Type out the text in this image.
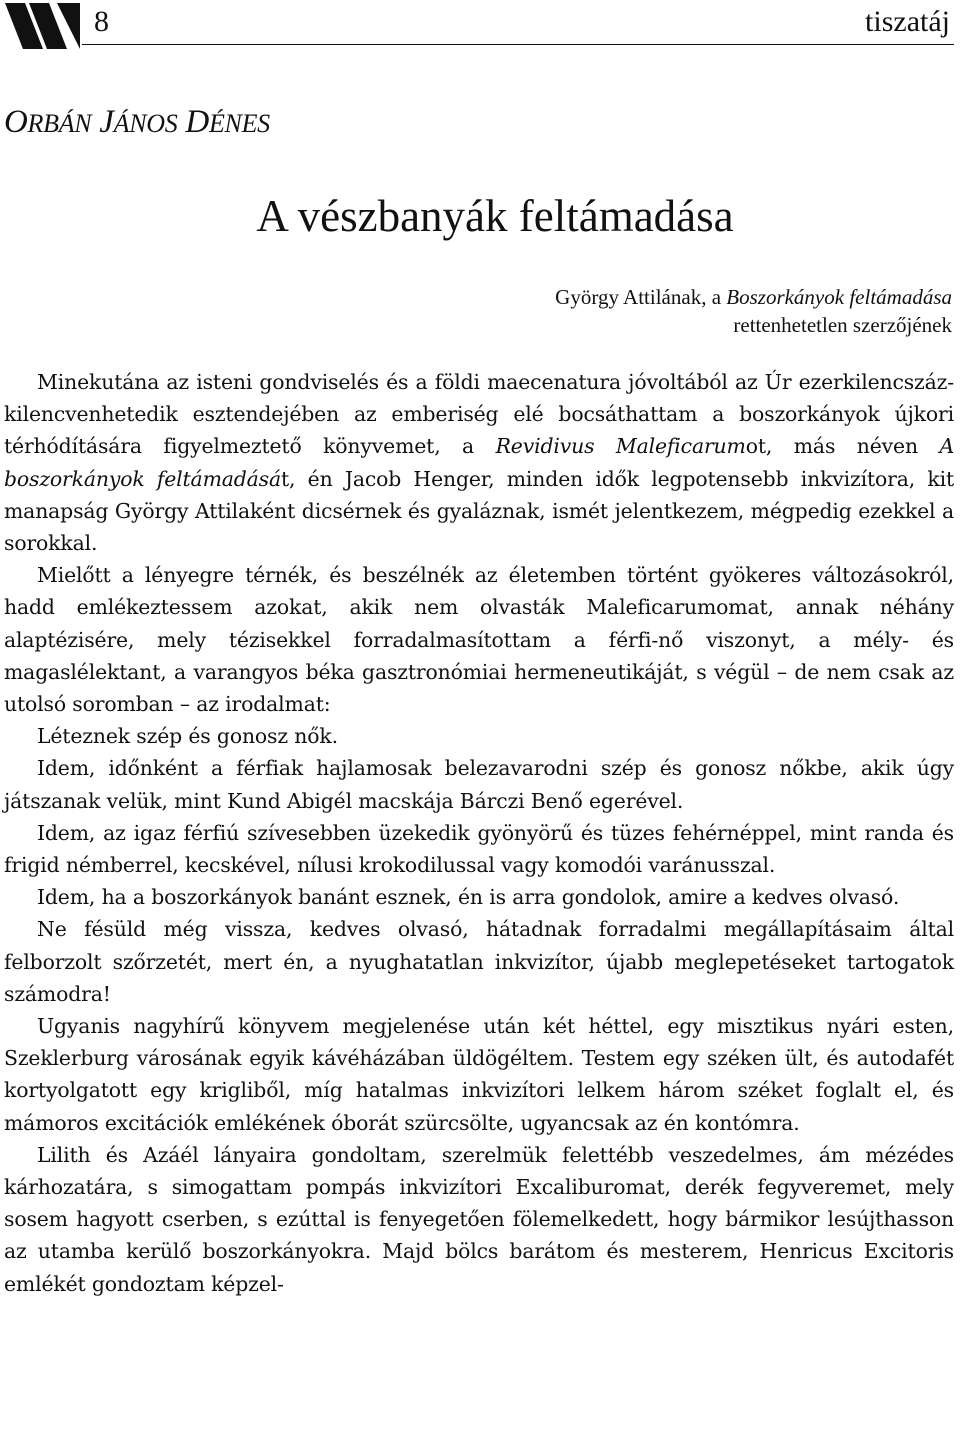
8	tiszatáj
ORBÁN JÁNOS DÉNES
A vészbanyák feltámadása
György Attilának, a Boszorkányok feltámadása
rettenhetetlen szerzőjének

Minekutána az isteni gondviselés és a földi maecenatura jóvoltából az Úr ezerkilencszáz-kilencvenhetedik esztendejében az emberiség elé bocsáthattam a boszorkányok újkori térhódítására figyelmeztető könyvemet, a Revidivus Maleficarumot, más néven A boszorkányok feltámadását, én Jacob Henger, minden idők legpotensebb inkvizítora, kit manapság György Attilaként dicsérnek és gyaláznak, ismét jelentkezem, mégpedig ezekkel a sorokkal.

Mielőtt a lényegre térnék, és beszélnék az életemben történt gyökeres változásokról, hadd emlékeztessem azokat, akik nem olvasták Maleficarumomat, annak néhány alaptézisére, mely tézisekkel forradalmasítottam a férfi-nő viszonyt, a mély- és magaslélektant, a varangyos béka gasztronómiai hermeneutikáját, s végül – de nem csak az utolsó soromban – az irodalmat:

Léteznek szép és gonosz nők.

Idem, időnként a férfiak hajlamosak belezavarodni szép és gonosz nőkbe, akik úgy játszanak velük, mint Kund Abigél macskája Bárczi Benő egerével.

Idem, az igaz férfiú szívesebben üzekedik gyönyörű és tüzes fehérnéppel, mint randa és frigid némberrel, kecskével, nílusi krokodilussal vagy komodói varánusszal.

Idem, ha a boszorkányok banánt esznek, én is arra gondolok, amire a kedves olvasó.

Ne fésüld még vissza, kedves olvasó, hátadnak forradalmi megállapításaim által felborzolt szőrzetét, mert én, a nyughatatlan inkvizítor, újabb meglepetéseket tartogatok számodra!

Ugyanis nagyhírű könyvem megjelenése után két héttel, egy misztikus nyári esten, Szeklerburg városának egyik kávéházában üldögéltem. Testem egy széken ült, és autodafét kortyolgatott egy krigliből, míg hatalmas inkvizítori lelkem három széket foglalt el, és mámoros excitációk emlékének óborát szürcsölte, ugyancsak az én kontómra.

Lilith és Azáél lányaira gondoltam, szerelmük felettébb veszedelmes, ám mézédes kárhozatára, s simogattam pompás inkvizítori Excaliburomat, derék fegyveremet, mely sosem hagyott cserben, s ezúttal is fenyegetően fölemelkedett, hogy bármikor lesújthasson az utamba kerülő boszorkányokra. Majd bölcs barátom és mesterem, Henricus Excitoris emlékét gondoztam képzel-
